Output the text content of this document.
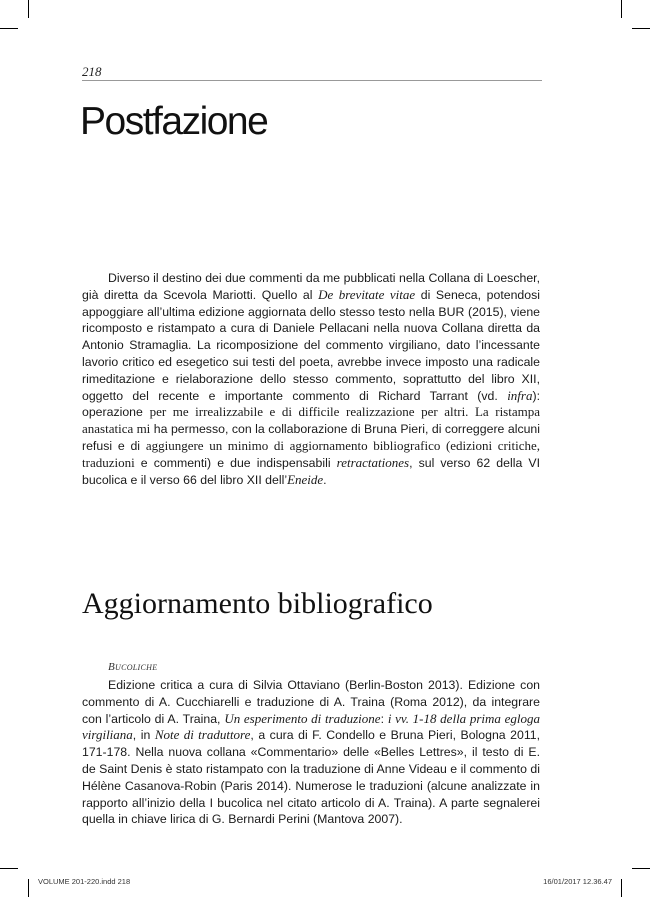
218
Postfazione

Diverso il destino dei due commenti da me pubblicati nella Collana di Loescher, già diretta da Scevola Mariotti. Quello al De brevitate vitae di Seneca, potendosi appoggiare all’ultima edizione aggiornata dello stesso testo nella BUR (2015), viene ricomposto e ristampato a cura di Daniele Pellacani nella nuova Collana diretta da Antonio Stramaglia. La ricomposizione del commento virgiliano, dato l’incessante lavorio critico ed esegetico sui testi del poeta, avrebbe invece imposto una radicale rimeditazione e rielaborazione dello stesso commento, soprattutto del libro XII, oggetto del recente e importante commento di Richard Tarrant (vd. infra): operazione per me irrealizzabile e di difficile realizzazione per altri. La ristampa anastatica mi ha permesso, con la collaborazione di Bruna Pieri, di correggere alcuni refusi e di aggiungere un minimo di aggiornamento bibliografico (edizioni critiche, traduzioni e commenti) e due indispensabili retractationes, sul verso 62 della VI bucolica e il verso 66 del libro XII dell’Eneide.

Aggiornamento bibliografico
Bucoliche

Edizione critica a cura di Silvia Ottaviano (Berlin-Boston 2013). Edizione con commento di A. Cucchiarelli e traduzione di A. Traina (Roma 2012), da integrare con l’articolo di A. Traina, Un esperimento di traduzione: i vv. 1-18 della prima egloga virgiliana, in Note di traduttore, a cura di F. Condello e Bruna Pieri, Bologna 2011, 171-178. Nella nuova collana «Commentario» delle «Belles Lettres», il testo di E. de Saint Denis è stato ristampato con la traduzione di Anne Videau e il commento di Hélène Casanova-Robin (Paris 2014). Numerose le traduzioni (alcune analizzate in rapporto all’inizio della I bucolica nel citato articolo di A. Traina). A parte segnalerei quella in chiave lirica di G. Bernardi Perini (Mantova 2007).

VOLUME 201-220.indd 218	16/01/2017 12.36.47
